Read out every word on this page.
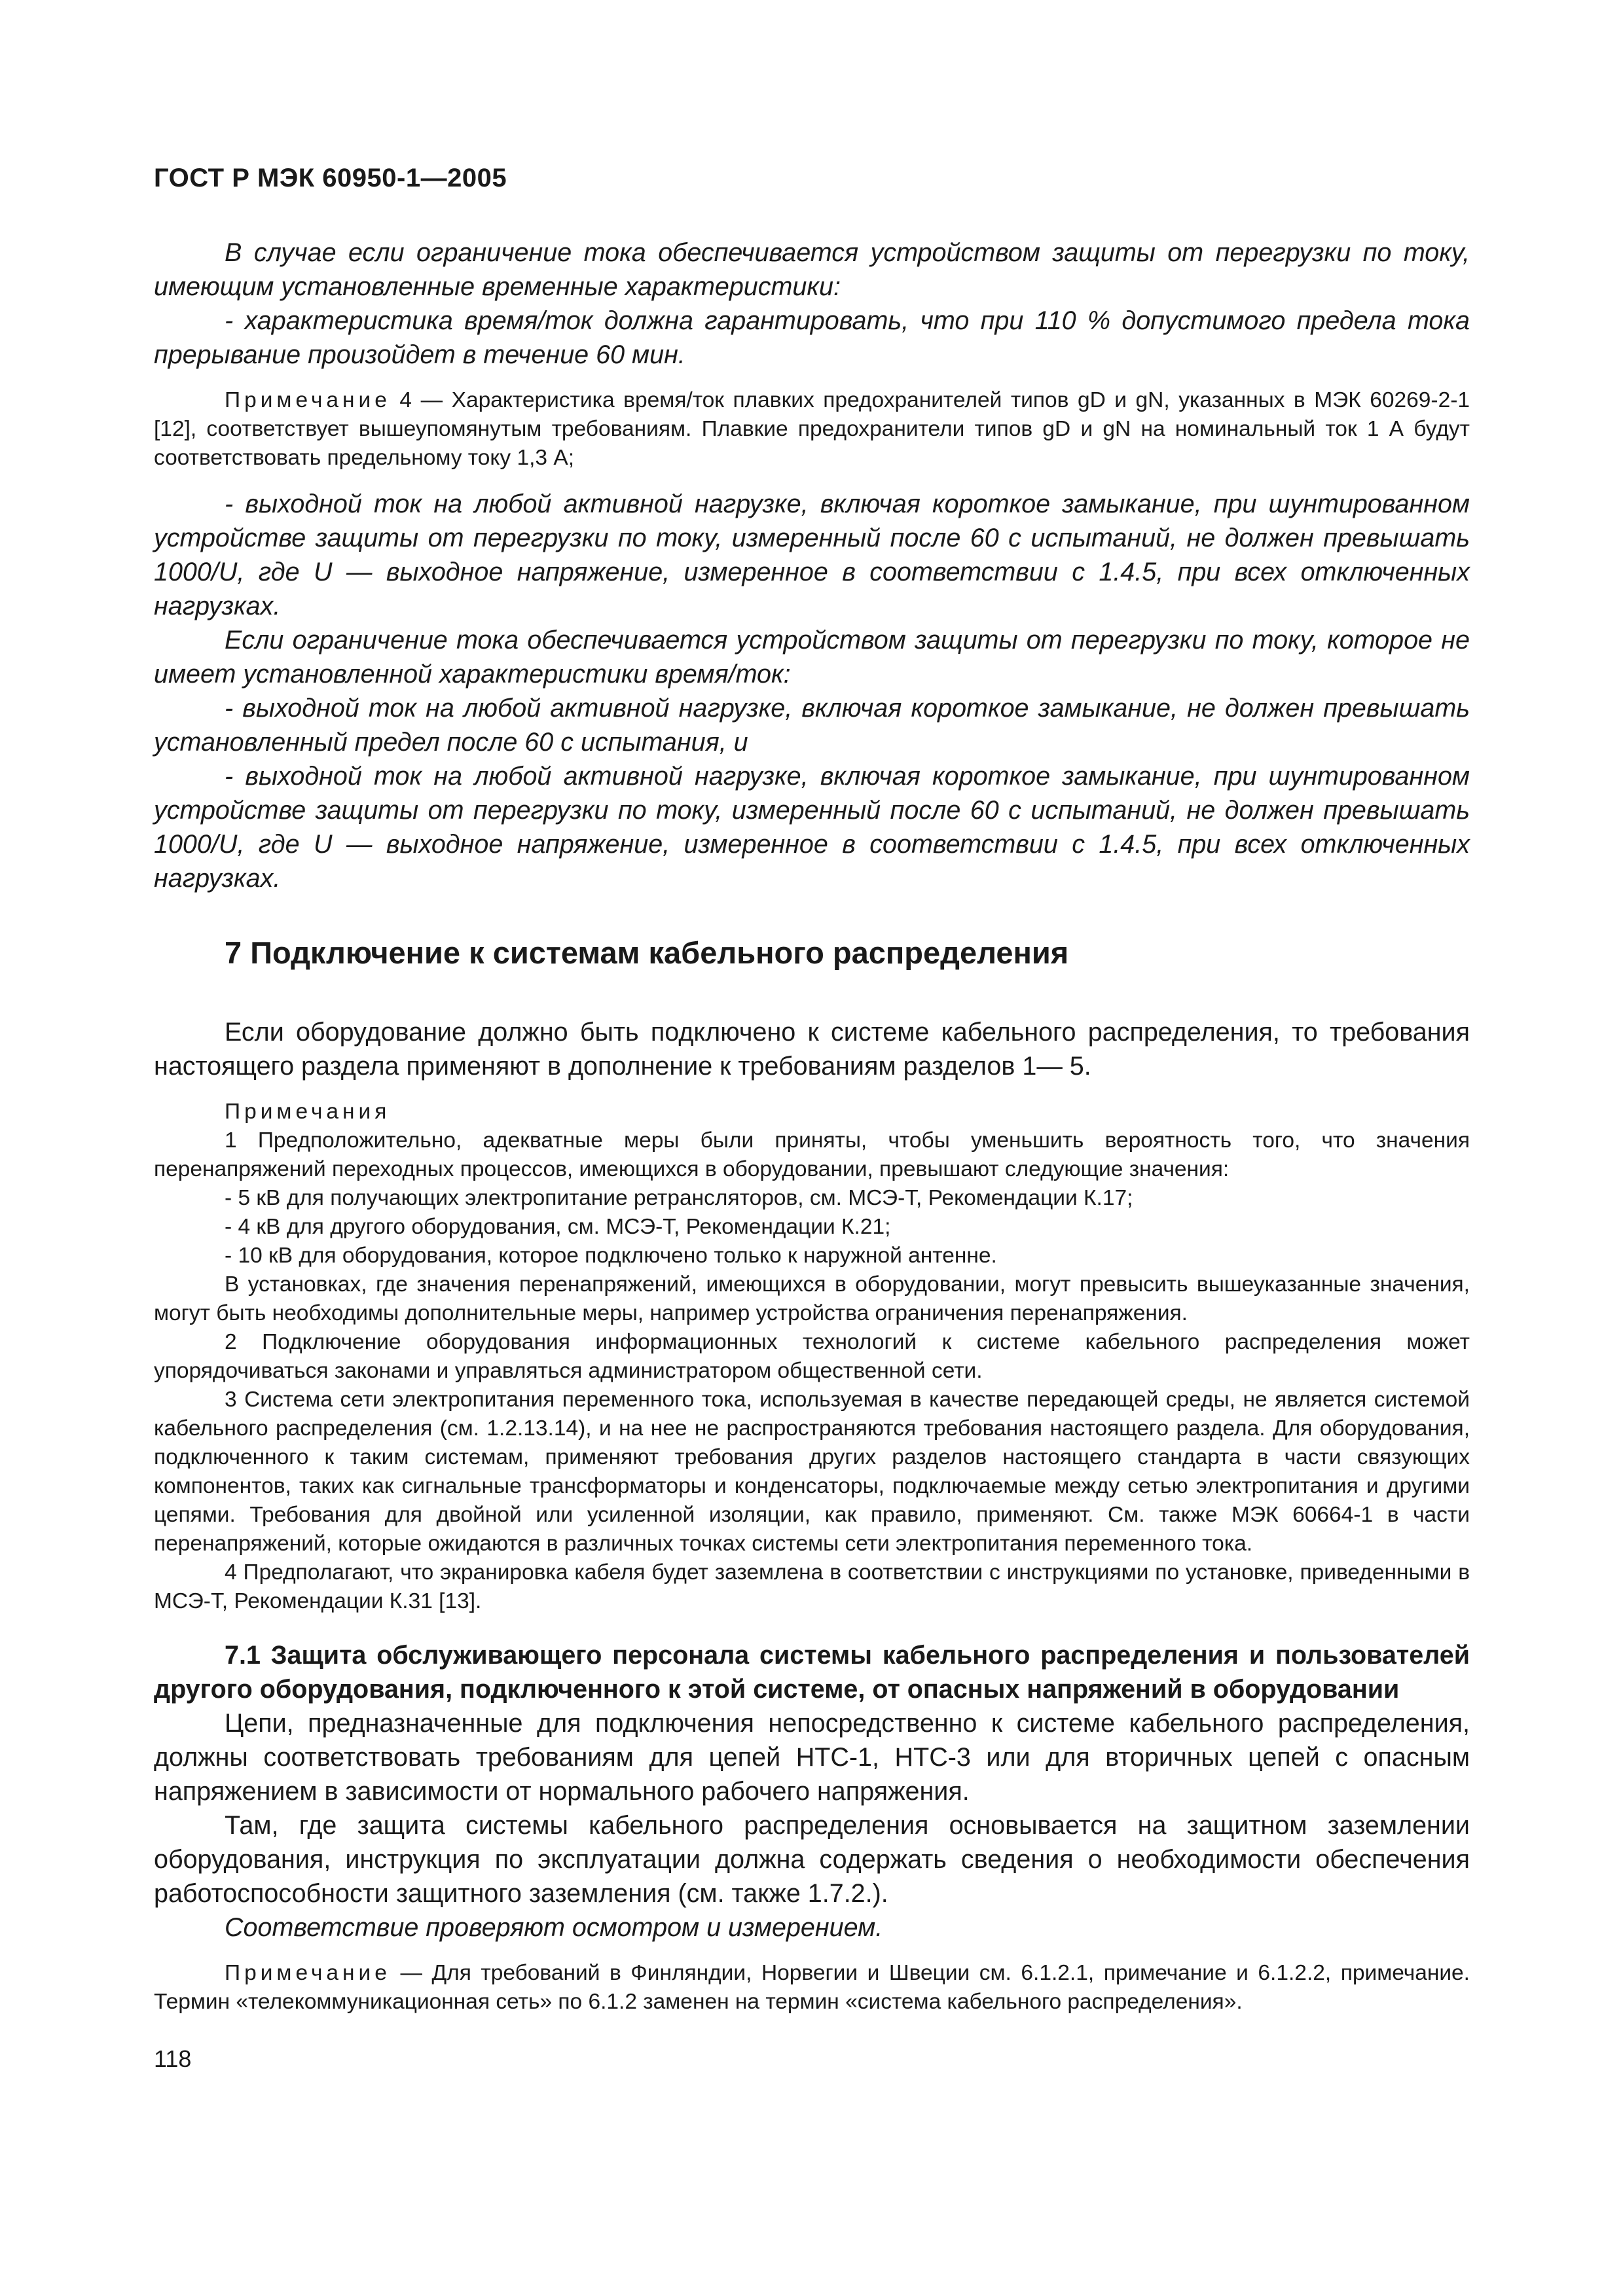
ГОСТ Р МЭК 60950-1—2005

В случае если ограничение тока обеспечивается устройством защиты от перегрузки по току, имеющим установленные временные характеристики:

- характеристика время/ток должна гарантировать, что при 110 % допустимого предела тока прерывание произойдет в течение 60 мин.

Примечание 4 — Характеристика время/ток плавких предохранителей типов gD и gN, указанных в МЭК 60269-2-1 [12], соответствует вышеупомянутым требованиям. Плавкие предохранители типов gD и gN на номинальный ток 1 А будут соответствовать предельному току 1,3 А;

- выходной ток на любой активной нагрузке, включая короткое замыкание, при шунтированном устройстве защиты от перегрузки по току, измеренный после 60 с испытаний, не должен превышать 1000/U, где U — выходное напряжение, измеренное в соответствии с 1.4.5, при всех отключенных нагрузках.

Если ограничение тока обеспечивается устройством защиты от перегрузки по току, которое не имеет установленной характеристики время/ток:

- выходной ток на любой активной нагрузке, включая короткое замыкание, не должен превышать установленный предел после 60 с испытания, и

- выходной ток на любой активной нагрузке, включая короткое замыкание, при шунтированном устройстве защиты от перегрузки по току, измеренный после 60 с испытаний, не должен превышать 1000/U, где U — выходное напряжение, измеренное в соответствии с 1.4.5, при всех отключенных нагрузках.

7 Подключение к системам кабельного распределения

Если оборудование должно быть подключено к системе кабельного распределения, то требования настоящего раздела применяют в дополнение к требованиям разделов 1— 5.

Примечания

1 Предположительно, адекватные меры были приняты, чтобы уменьшить вероятность того, что значения перенапряжений переходных процессов, имеющихся в оборудовании, превышают следующие значения:

- 5 кВ для получающих электропитание ретрансляторов, см. МСЭ-Т, Рекомендации К.17;

- 4 кВ для другого оборудования, см. МСЭ-Т, Рекомендации К.21;

- 10 кВ для оборудования, которое подключено только к наружной антенне.

В установках, где значения перенапряжений, имеющихся в оборудовании, могут превысить вышеуказанные значения, могут быть необходимы дополнительные меры, например устройства ограничения перенапряжения.

2 Подключение оборудования информационных технологий к системе кабельного распределения может упорядочиваться законами и управляться администратором общественной сети.

3 Система сети электропитания переменного тока, используемая в качестве передающей среды, не является системой кабельного распределения (см. 1.2.13.14), и на нее не распространяются требования настоящего раздела. Для оборудования, подключенного к таким системам, применяют требования других разделов настоящего стандарта в части связующих компонентов, таких как сигнальные трансформаторы и конденсаторы, подключаемые между сетью электропитания и другими цепями. Требования для двойной или усиленной изоляции, как правило, применяют. См. также МЭК 60664-1 в части перенапряжений, которые ожидаются в различных точках системы сети электропитания переменного тока.

4 Предполагают, что экранировка кабеля будет заземлена в соответствии с инструкциями по установке, приведенными в МСЭ-Т, Рекомендации К.31 [13].

7.1 Защита обслуживающего персонала системы кабельного распределения и пользователей другого оборудования, подключенного к этой системе, от опасных напряжений в оборудовании

Цепи, предназначенные для подключения непосредственно к системе кабельного распределения, должны соответствовать требованиям для цепей НТС-1, НТС-3 или для вторичных цепей с опасным напряжением в зависимости от нормального рабочего напряжения.

Там, где защита системы кабельного распределения основывается на защитном заземлении оборудования, инструкция по эксплуатации должна содержать сведения о необходимости обеспечения работоспособности защитного заземления (см. также 1.7.2.).

Соответствие проверяют осмотром и измерением.

Примечание — Для требований в Финляндии, Норвегии и Швеции см. 6.1.2.1, примечание и 6.1.2.2, примечание. Термин «телекоммуникационная сеть» по 6.1.2 заменен на термин «система кабельного распределения».

118
